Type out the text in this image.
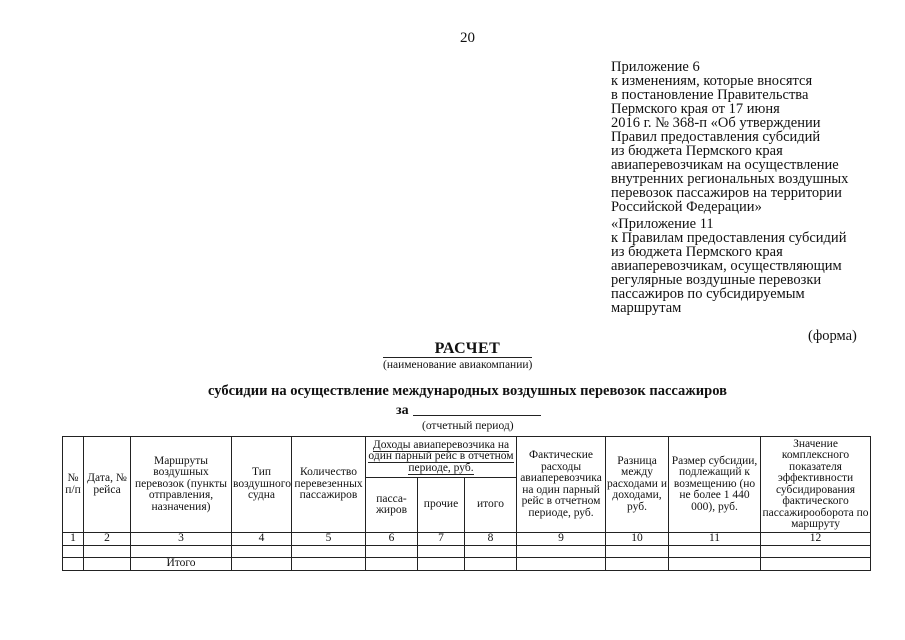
20
Приложение 6
к изменениям, которые вносятся
в постановление Правительства
Пермского края от 17 июня
2016 г. № 368-п «Об утверждении
Правил предоставления субсидий
из бюджета Пермского края
авиаперевозчикам на осуществление
внутренних региональных воздушных
перевозок пассажиров на территории
Российской Федерации»
«Приложение 11
к Правилам предоставления субсидий
из бюджета Пермского края
авиаперевозчикам, осуществляющим
регулярные воздушные перевозки
пассажиров по субсидируемым
маршрутам
(форма)
РАСЧЕТ
(наименование авиакомпании)
субсидии на осуществление международных воздушных перевозок пассажиров
за
(отчетный период)
№ п/п	Дата, № рейса	Маршруты воздушных перевозок (пункты отправления, назначения)	Тип воздушного судна	Количество перевезенных пассажиров	Доходы авиаперевозчика на один парный рейс в отчетном периоде, руб.			Фактические расходы авиаперевозчика на один парный рейс в отчетном периоде, руб.	Разница между расходами и доходами, руб.	Размер субсидии, подлежащий к возмещению (но не более 1 440 000), руб.	Значение комплексного показателя эффективности субсидирования фактического пассажирооборота по маршруту
					пасса-жиров	прочие	итого				
1	2	3	4	5	6	7	8	9	10	11	12

		Итого									
